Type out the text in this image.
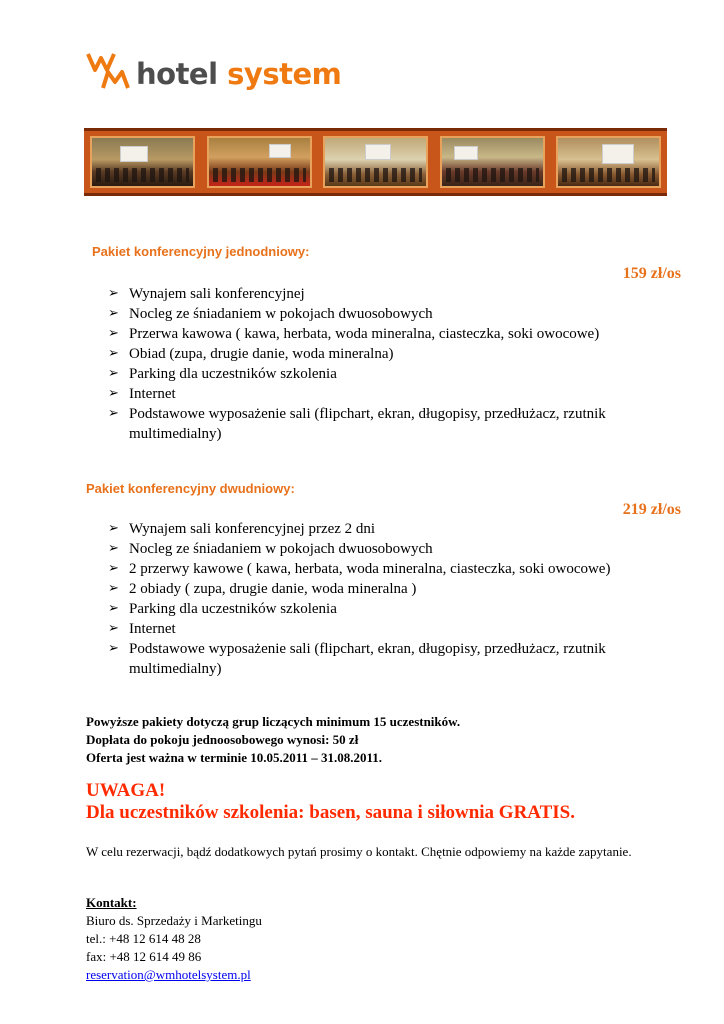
hotel system
Pakiet konferencyjny jednodniowy:
159 zł/os
➢ Wynajem sali konferencyjnej
➢ Nocleg ze śniadaniem w pokojach dwuosobowych
➢ Przerwa kawowa ( kawa, herbata, woda mineralna, ciasteczka, soki owocowe)
➢ Obiad (zupa, drugie danie, woda mineralna)
➢ Parking dla uczestników szkolenia
➢ Internet
➢ Podstawowe wyposażenie sali (flipchart, ekran, długopisy, przedłużacz, rzutnik multimedialny)
Pakiet konferencyjny dwudniowy:
219 zł/os
➢ Wynajem sali konferencyjnej przez 2 dni
➢ Nocleg ze śniadaniem w pokojach dwuosobowych
➢ 2 przerwy kawowe ( kawa, herbata, woda mineralna, ciasteczka, soki owocowe)
➢ 2 obiady ( zupa, drugie danie, woda mineralna )
➢ Parking dla uczestników szkolenia
➢ Internet
➢ Podstawowe wyposażenie sali (flipchart, ekran, długopisy, przedłużacz, rzutnik multimedialny)
Powyższe pakiety dotyczą grup liczących minimum 15 uczestników.
Dopłata do pokoju jednoosobowego wynosi: 50 zł
Oferta jest ważna w terminie 10.05.2011 – 31.08.2011.
UWAGA!
Dla uczestników szkolenia: basen, sauna i siłownia GRATIS.
W celu rezerwacji, bądź dodatkowych pytań prosimy o kontakt. Chętnie odpowiemy na każde zapytanie.
Kontakt:
Biuro ds. Sprzedaży i Marketingu
tel.: +48 12 614 48 28
fax: +48 12 614 49 86
reservation@wmhotelsystem.pl
